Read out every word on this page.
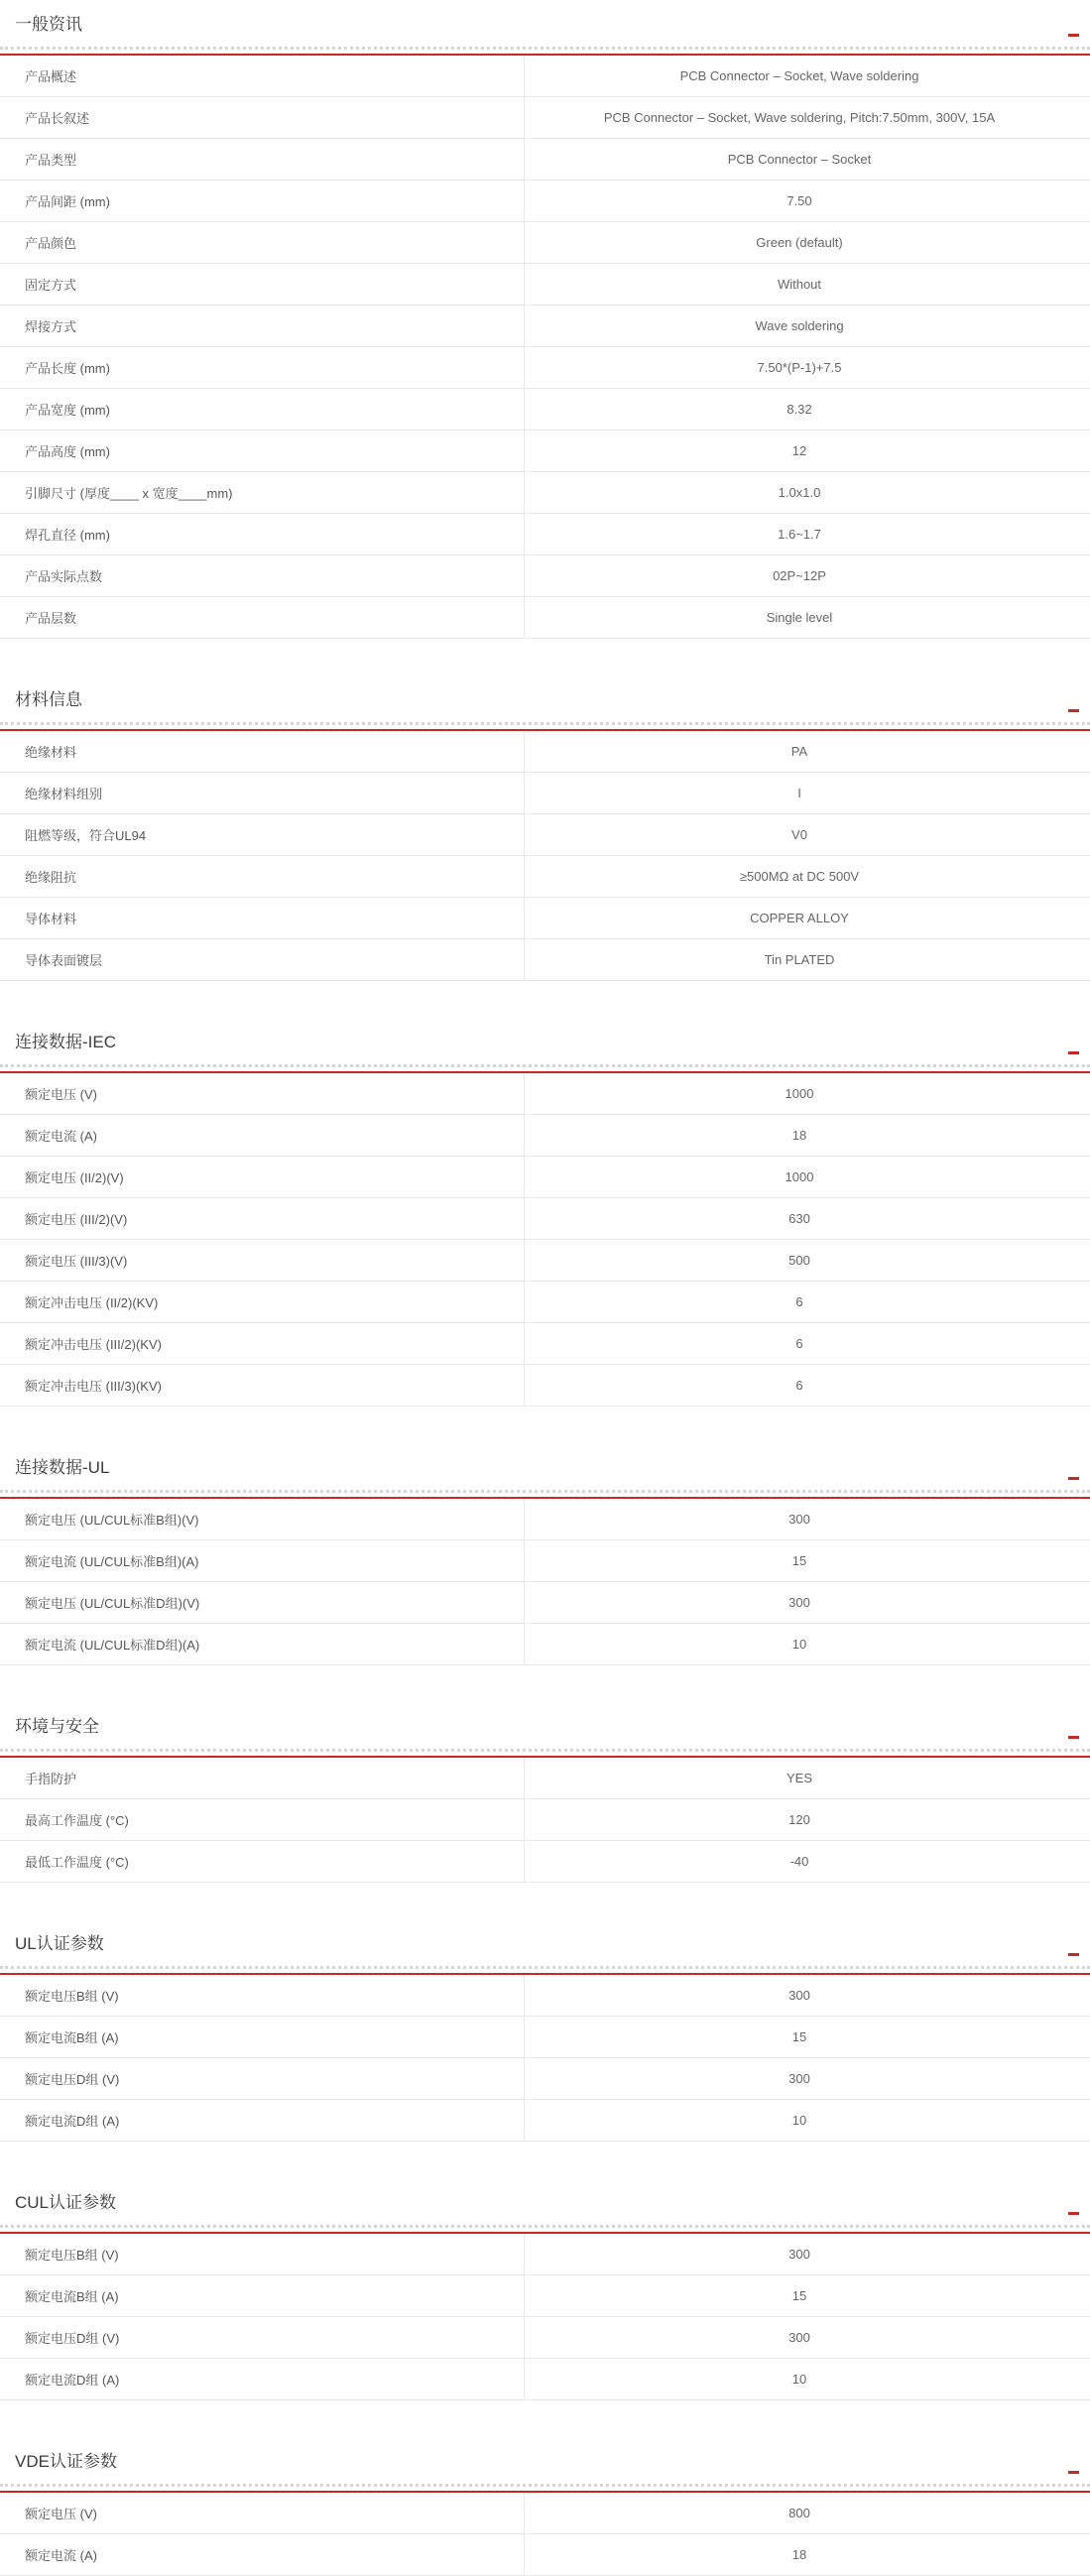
一般资讯
产品概述	PCB Connector – Socket, Wave soldering
产品长叙述	PCB Connector – Socket, Wave soldering, Pitch:7.50mm, 300V, 15A
产品类型	PCB Connector – Socket
产品间距 (mm)	7.50
产品颜色	Green (default)
固定方式	Without
焊接方式	Wave soldering
产品长度 (mm)	7.50*(P-1)+7.5
产品宽度 (mm)	8.32
产品高度 (mm)	12
引脚尺寸 (厚度____ x 宽度____mm)	1.0x1.0
焊孔直径 (mm)	1.6~1.7
产品实际点数	02P~12P
产品层数	Single level
材料信息
绝缘材料	PA
绝缘材料组别	I
阻燃等级，符合UL94	V0
绝缘阻抗	≥500MΩ at DC 500V
导体材料	COPPER ALLOY
导体表面镀层	Tin PLATED
连接数据-IEC
额定电压 (V)	1000
额定电流 (A)	18
额定电压 (II/2)(V)	1000
额定电压 (III/2)(V)	630
额定电压 (III/3)(V)	500
额定冲击电压 (II/2)(KV)	6
额定冲击电压 (III/2)(KV)	6
额定冲击电压 (III/3)(KV)	6
连接数据-UL
额定电压 (UL/CUL标准B组)(V)	300
额定电流 (UL/CUL标准B组)(A)	15
额定电压 (UL/CUL标准D组)(V)	300
额定电流 (UL/CUL标准D组)(A)	10
环境与安全
手指防护	YES
最高工作温度 (°C)	120
最低工作温度 (°C)	-40
UL认证参数
额定电压B组 (V)	300
额定电流B组 (A)	15
额定电压D组 (V)	300
额定电流D组 (A)	10
CUL认证参数
额定电压B组 (V)	300
额定电流B组 (A)	15
额定电压D组 (V)	300
额定电流D组 (A)	10
VDE认证参数
额定电压 (V)	800
额定电流 (A)	18
